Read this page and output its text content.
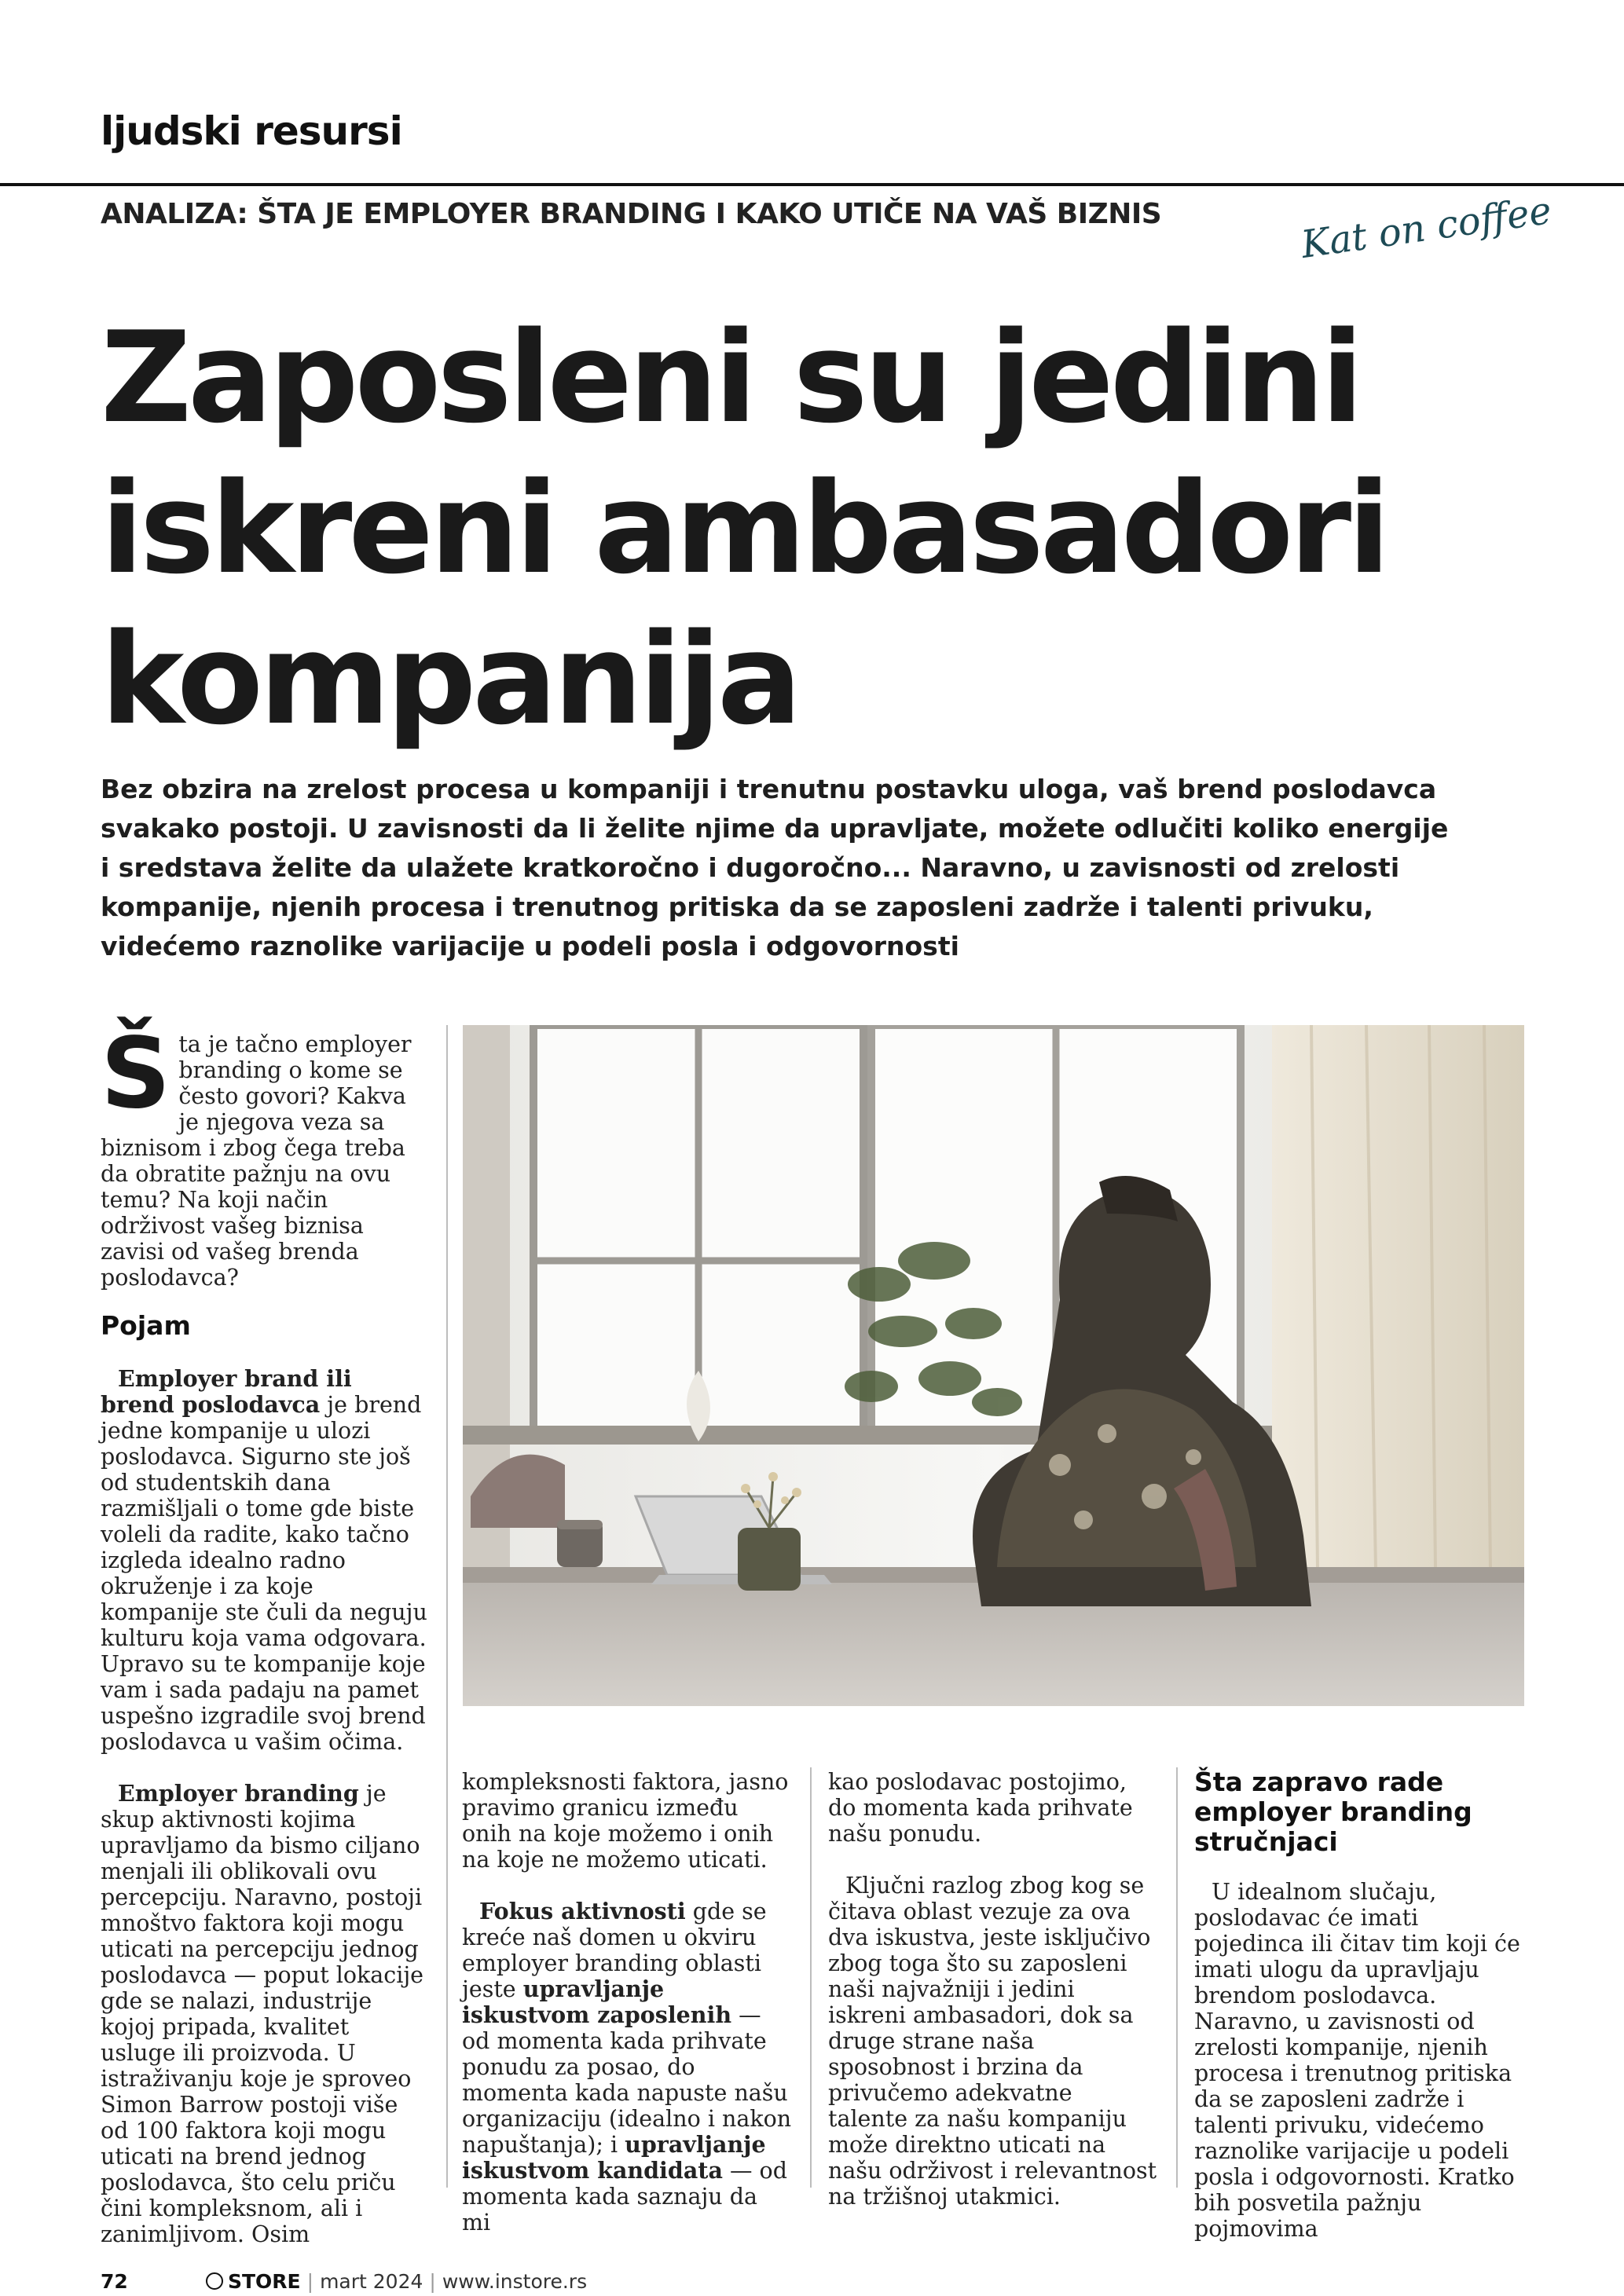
ljudski resursi
ANALIZA: ŠTA JE EMPLOYER BRANDING I KAKO UTIČE NA VAŠ BIZNIS	Kat on coffee
Zaposleni su jedini
iskreni ambasadori
kompanija

Bez obzira na zrelost procesa u kompaniji i trenutnu postavku uloga, vaš brend poslodavca svakako postoji. U zavisnosti da li želite njime da upravljate, možete odlučiti koliko energije i sredstava želite da ulažete kratkoročno i dugoročno... Naravno, u zavisnosti od zrelosti kompanije, njenih procesa i trenutnog pritiska da se zaposleni zadrže i talenti privuku, videćemo raznolike varijacije u podeli posla i odgovornosti

Šta je tačno employer branding o kome se često govori? Kakva je njegova veza sa biznisom i zbog čega treba da obratite pažnju na ovu temu? Na koji način održivost vašeg biznisa zavisi od vašeg brenda poslodavca?

Pojam

Employer brand ili brend poslodavca je brend jedne kompanije u ulozi poslodavca. Sigurno ste još od studentskih dana razmišljali o tome gde biste voleli da radite, kako tačno izgleda idealno radno okruženje i za koje kompanije ste čuli da neguju kulturu koja vama odgovara. Upravo su te kompanije koje vam i sada padaju na pamet uspešno izgradile svoj brend poslodavca u vašim očima.

Employer branding je skup aktivnosti kojima upravljamo da bismo ciljano menjali ili oblikovali ovu percepciju. Naravno, postoji mnoštvo faktora koji mogu uticati na percepciju jednog poslodavca — poput lokacije gde se nalazi, industrije kojoj pripada, kvalitet usluge ili proizvoda. U istraživanju koje je sproveo Simon Barrow postoji više od 100 faktora koji mogu uticati na brend jednog poslodavca, što celu priču čini kompleksnom, ali i zanimljivom. Osim

kompleksnosti faktora, jasno pravimo granicu između onih na koje možemo i onih na koje ne možemo uticati.

Fokus aktivnosti gde se kreće naš domen u okviru employer branding oblasti jeste upravljanje iskustvom zaposlenih — od momenta kada prihvate ponudu za posao, do momenta kada napuste našu organizaciju (idealno i nakon napuštanja); i upravljanje iskustvom kandidata — od momenta kada saznaju da mi

kao poslodavac postojimo, do momenta kada prihvate našu ponudu.

Ključni razlog zbog kog se čitava oblast vezuje za ova dva iskustva, jeste isključivo zbog toga što su zaposleni naši najvažniji i jedini iskreni ambasadori, dok sa druge strane naša sposobnost i brzina da privučemo adekvatne talente za našu kompaniju može direktno uticati na našu održivost i relevantnost na tržišnoj utakmici.

Šta zapravo rade employer branding stručnjaci

U idealnom slučaju, poslodavac će imati pojedinca ili čitav tim koji će imati ulogu da upravljaju brendom poslodavca. Naravno, u zavisnosti od zrelosti kompanije, njenih procesa i trenutnog pritiska da se zaposleni zadrže i talenti privuku, videćemo raznolike varijacije u podeli posla i odgovornosti. Kratko bih posvetila pažnju pojmovima

72	STORE | mart 2024 | www.instore.rs
